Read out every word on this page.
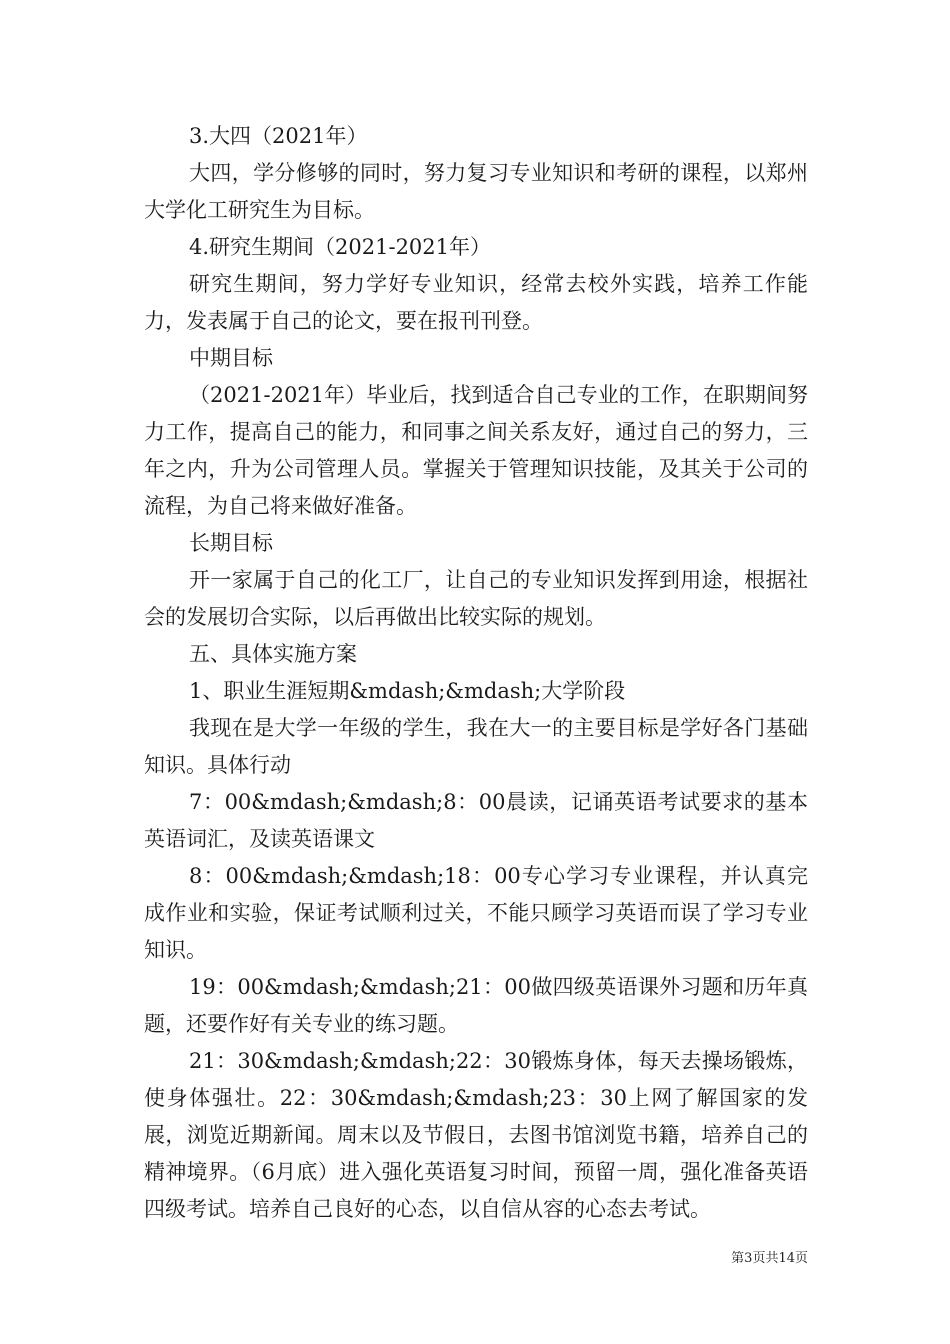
3.大四（2021年）

大四，学分修够的同时，努力复习专业知识和考研的课程，以郑州大学化工研究生为目标。

4.研究生期间（2021-2021年）

研究生期间，努力学好专业知识，经常去校外实践，培养工作能力，发表属于自己的论文，要在报刊刊登。

中期目标

（2021-2021年）毕业后，找到适合自己专业的工作，在职期间努力工作，提高自己的能力，和同事之间关系友好，通过自己的努力，三年之内，升为公司管理人员。掌握关于管理知识技能，及其关于公司的流程，为自己将来做好准备。

长期目标

开一家属于自己的化工厂，让自己的专业知识发挥到用途，根据社会的发展切合实际，以后再做出比较实际的规划。

五、具体实施方案

1、职业生涯短期&mdash;&mdash;大学阶段

我现在是大学一年级的学生，我在大一的主要目标是学好各门基础知识。具体行动

7：00&mdash;&mdash;8：00晨读，记诵英语考试要求的基本英语词汇，及读英语课文

8：00&mdash;&mdash;18：00专心学习专业课程，并认真完成作业和实验，保证考试顺利过关，不能只顾学习英语而误了学习专业知识。

19：00&mdash;&mdash;21：00做四级英语课外习题和历年真题，还要作好有关专业的练习题。

21：30&mdash;&mdash;22：30锻炼身体，每天去操场锻炼，使身体强壮。22：30&mdash;&mdash;23：30上网了解国家的发展，浏览近期新闻。周末以及节假日，去图书馆浏览书籍，培养自己的精神境界。（6月底）进入强化英语复习时间，预留一周，强化准备英语四级考试。培养自己良好的心态，以自信从容的心态去考试。

第3页共14页
